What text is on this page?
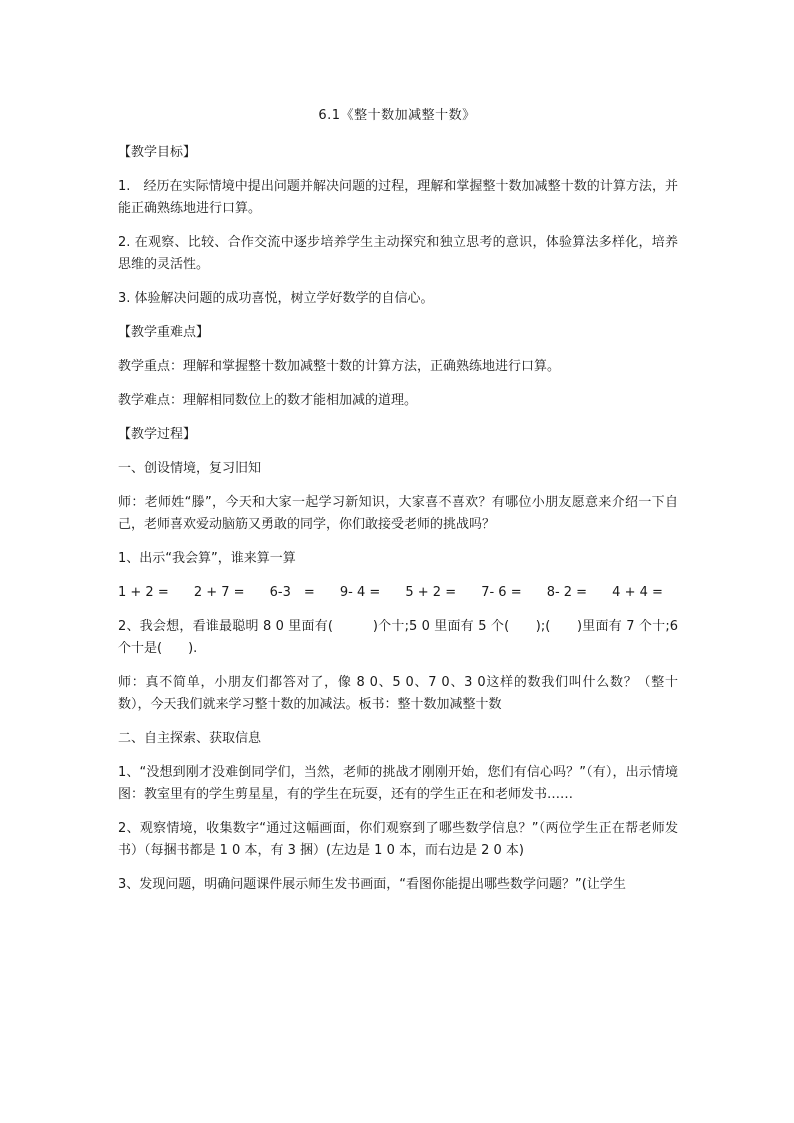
6.1《整十数加减整十数》

【教学目标】

1.　经历在实际情境中提出问题并解决问题的过程，理解和掌握整十数加减整十数的计算方法，并能正确熟练地进行口算。

2. 在观察、比较、合作交流中逐步培养学生主动探究和独立思考的意识，体验算法多样化，培养思维的灵活性。

3. 体验解决问题的成功喜悦，树立学好数学的自信心。

【教学重难点】

教学重点：理解和掌握整十数加减整十数的计算方法，正确熟练地进行口算。

教学难点：理解相同数位上的数才能相加减的道理。

【教学过程】

一、创设情境，复习旧知

师：老师姓“滕”，今天和大家一起学习新知识，大家喜不喜欢？有哪位小朋友愿意来介绍一下自己，老师喜欢爱动脑筋又勇敢的同学，你们敢接受老师的挑战吗？

1、出示“我会算”，谁来算一算

1 + 2 = 2 + 7 = 6-3　= 9- 4 = 5 + 2 = 7- 6 = 8- 2 = 4 + 4 =

2、我会想，看谁最聪明 8 0 里面有(　　　)个十;5 0 里面有 5 个(　　);(　　)里面有 7 个十;6 个十是(　　).

师：真不简单，小朋友们都答对了，像 8 0、5 0、7 0、3 0这样的数我们叫什么数？（整十数），今天我们就来学习整十数的加减法。板书：整十数加减整十数

二、自主探索、获取信息

1、“没想到刚才没难倒同学们，当然，老师的挑战才刚刚开始，您们有信心吗？”（有），出示情境图：教室里有的学生剪星星，有的学生在玩耍，还有的学生正在和老师发书……

2、观察情境，收集数字“通过这幅画面，你们观察到了哪些数学信息？”（两位学生正在帮老师发书）（每捆书都是 1 0 本，有 3 捆）(左边是 1 0 本，而右边是 2 0 本)

3、发现问题，明确问题课件展示师生发书画面，“看图你能提出哪些数学问题？”(让学生
